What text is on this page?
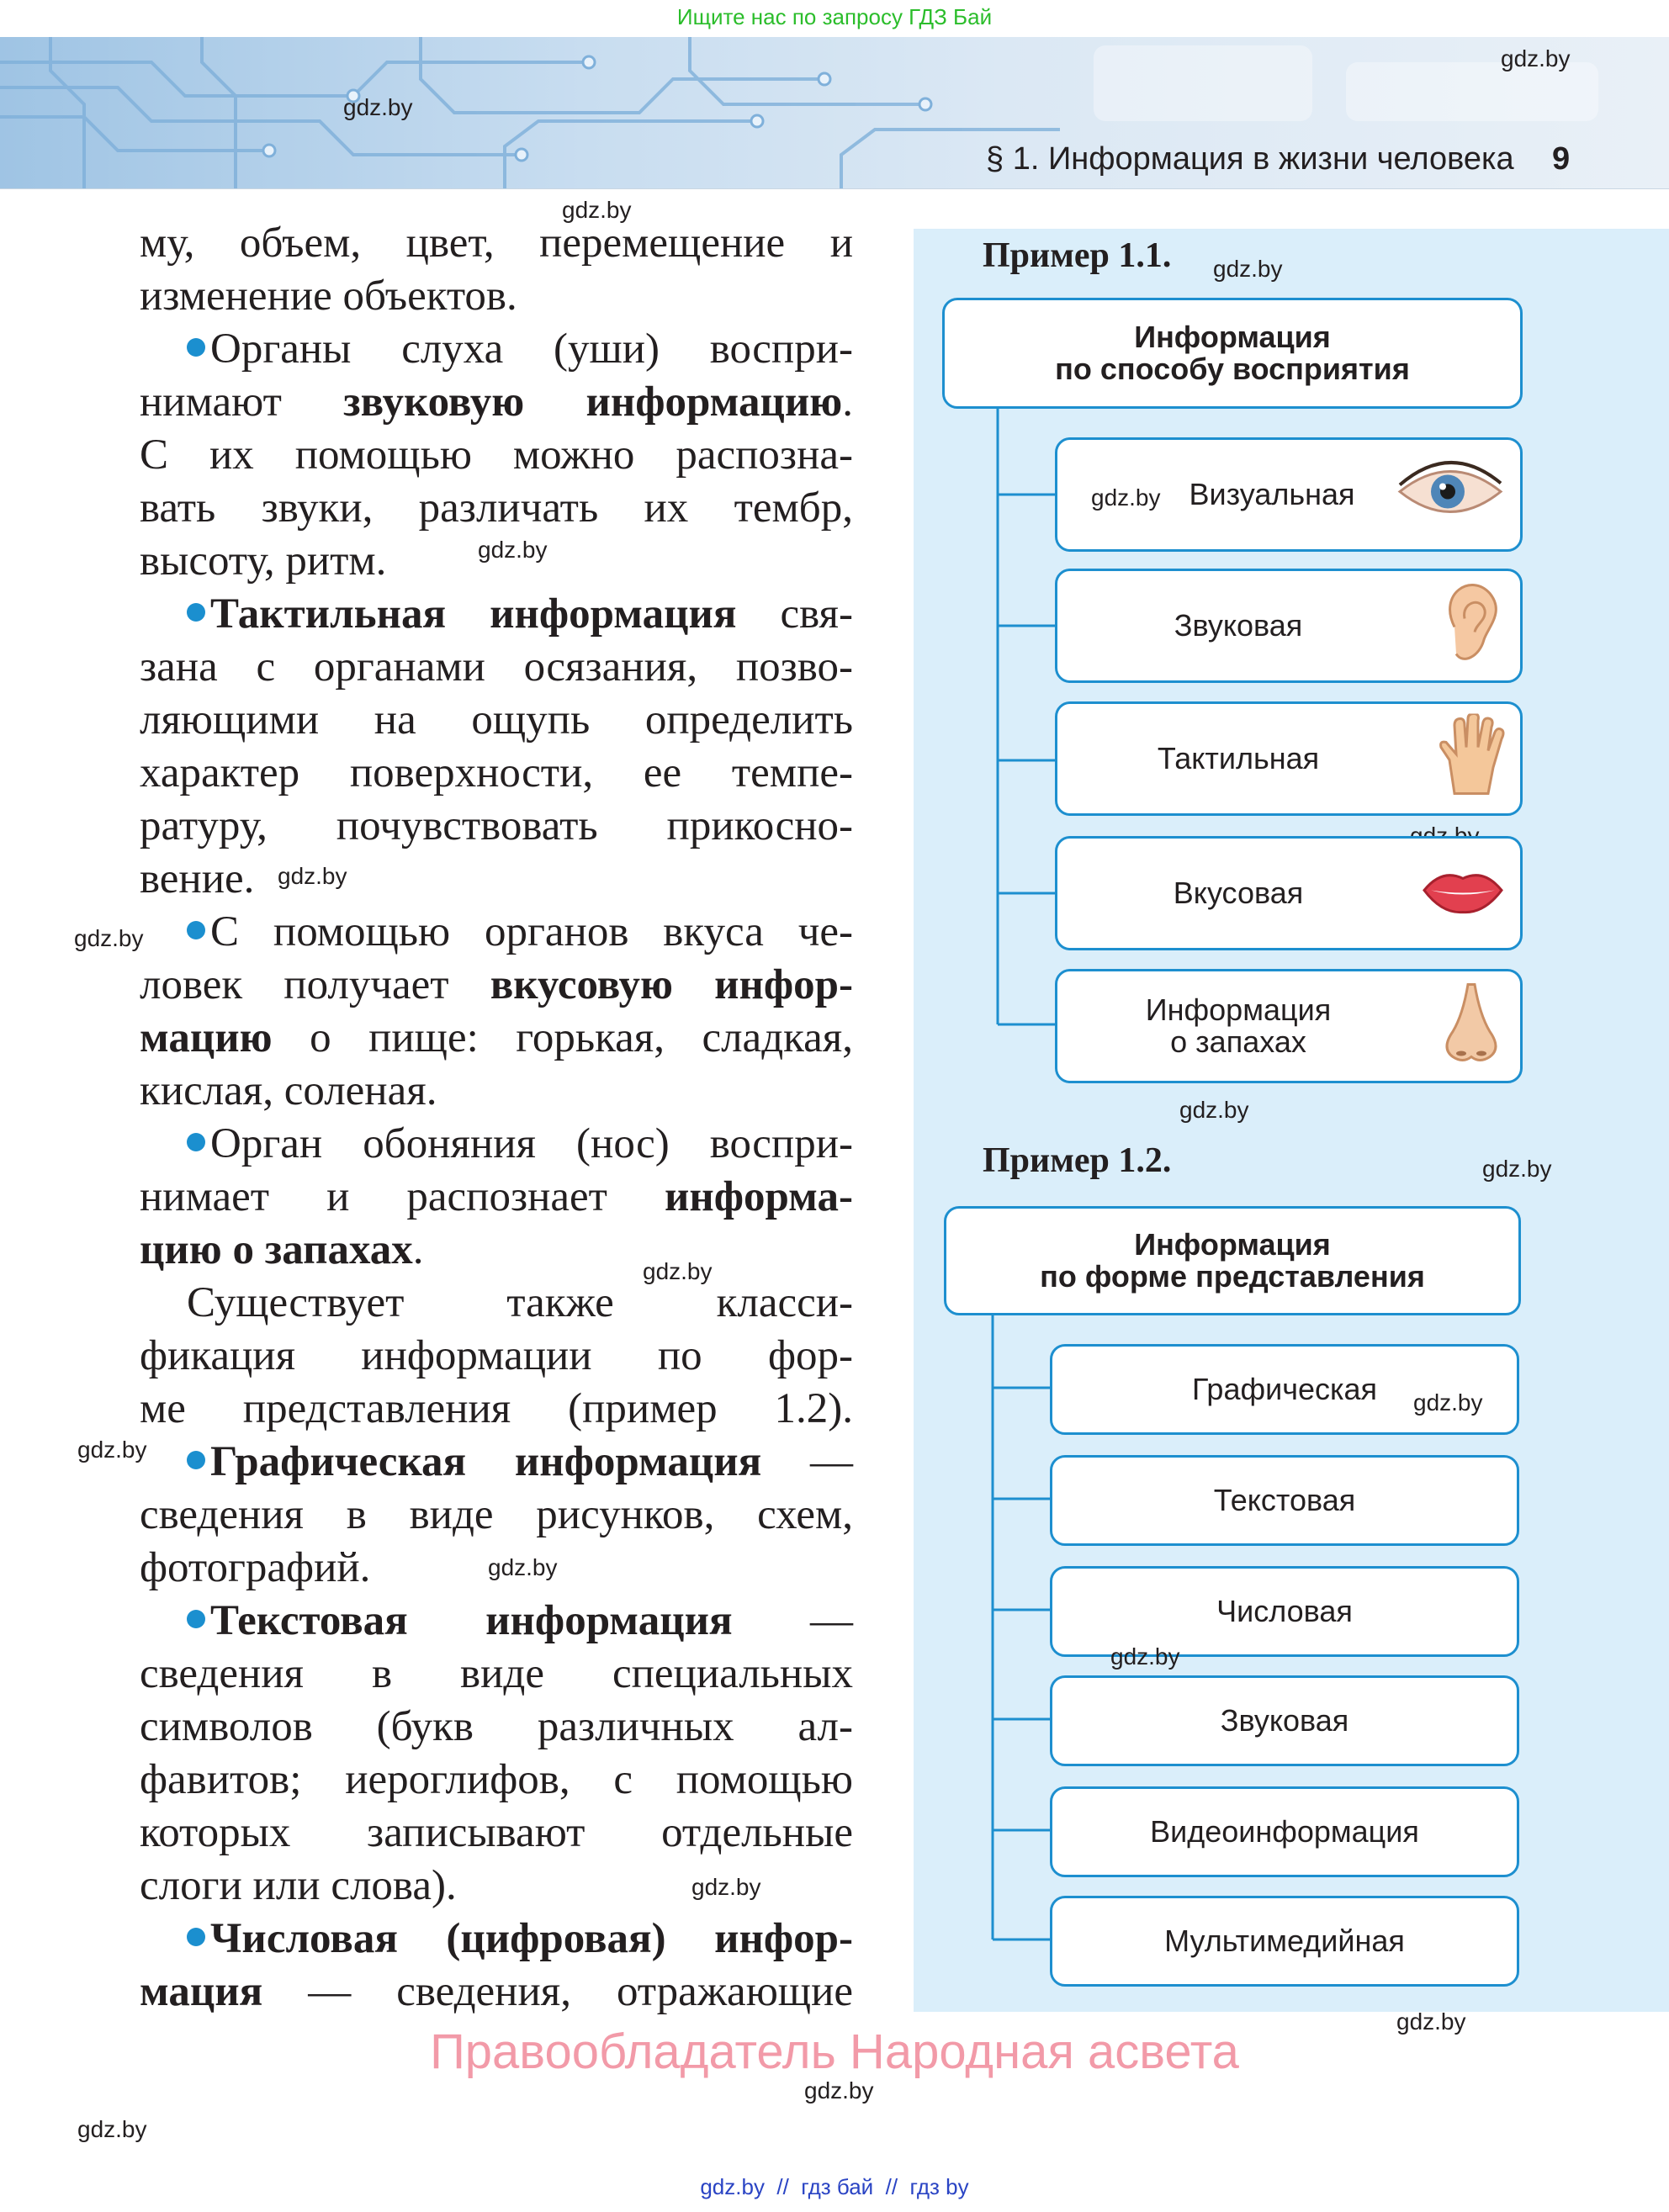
Ищите нас по запросу ГДЗ Бай
§ 1. Информация в жизни человека 9
gdz.by
gdz.by
gdz.by
gdz.by
gdz.by
gdz.by
gdz.by
gdz.by
gdz.by
gdz.by
gdz.by
gdz.by

му, объем, цвет, перемещение и

изменение объектов.

Органы слуха (уши) воспри-

нимают звуковую информацию.

С их помощью можно распозна-

вать звуки, различать их тембр,

высоту, ритм.

Тактильная информация свя-

зана с органами осязания, позво-

ляющими на ощупь определить

характер поверхности, ее темпе-

ратуру, почувствовать прикосно-

вение.

С помощью органов вкуса че-

ловек получает вкусовую инфор-

мацию о пище: горькая, сладкая,

кислая, соленая.

Орган обоняния (нос) воспри-

нимает и распознает информа-

цию о запахах.

Существует также класси-

фикация информации по фор-

ме представления (пример 1.2).

Графическая информация —

сведения в виде рисунков, схем,

фотографий.

Текстовая информация —

сведения в виде специальных

символов (букв различных ал-

фавитов; иероглифов, с помощью

которых записывают отдельные

слоги или слова).

Числовая (цифровая) инфор-

мация — сведения, отражающие

Пример 1.1. gdz.by
Информация
по способу восприятия
gdz.by Визуальная
Звуковая
Тактильная
Вкусовая
Информация
о запахах
gdz.by
Пример 1.2.	gdz.by
Информация
по форме представления
Графическая gdz.by
Текстовая
Числовая
gdz.by
Звуковая
Видеоинформация
Мультимедийная
gdz.by
Правообладатель Народная асвета
gdz.by  //  гдз бай  //  гдз by
